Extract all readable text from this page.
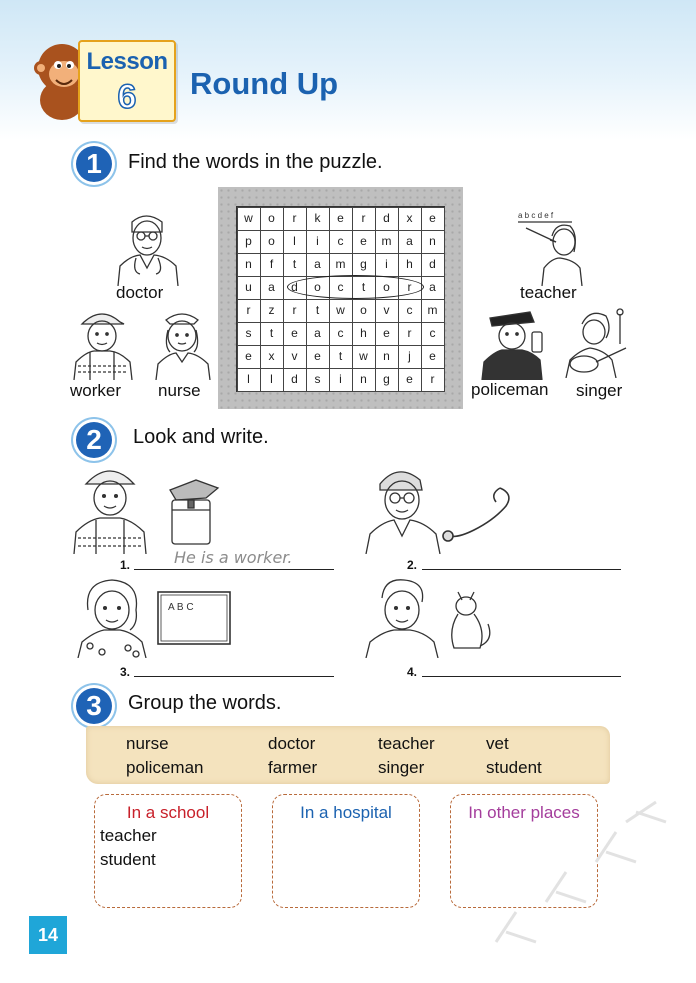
Lesson
6	Round Up
1	Find the words in the puzzle.
doctor
worker nurse
a b c d e f
teacher
policeman singer
w	o	r	k	e	r	d	x	e
p	o	l	i	c	e	m	a	n
n	f	t	a	m	g	i	h	d
u	a	d	o	c	t	o	r	a
r	z	r	t	w	o	v	c	m
s	t	e	a	c	h	e	r	c
e	x	v	e	t	w	n	j	e
l	l	d	s	i	n	g	e	r
2	Look and write.
1.	He is a worker.	2.
A B C
3.	4.
3	Group the words.
nurse	doctor	teacher	vet
policeman	farmer	singer	student
In a school
teacher
student
In a hospital	In other places
14
